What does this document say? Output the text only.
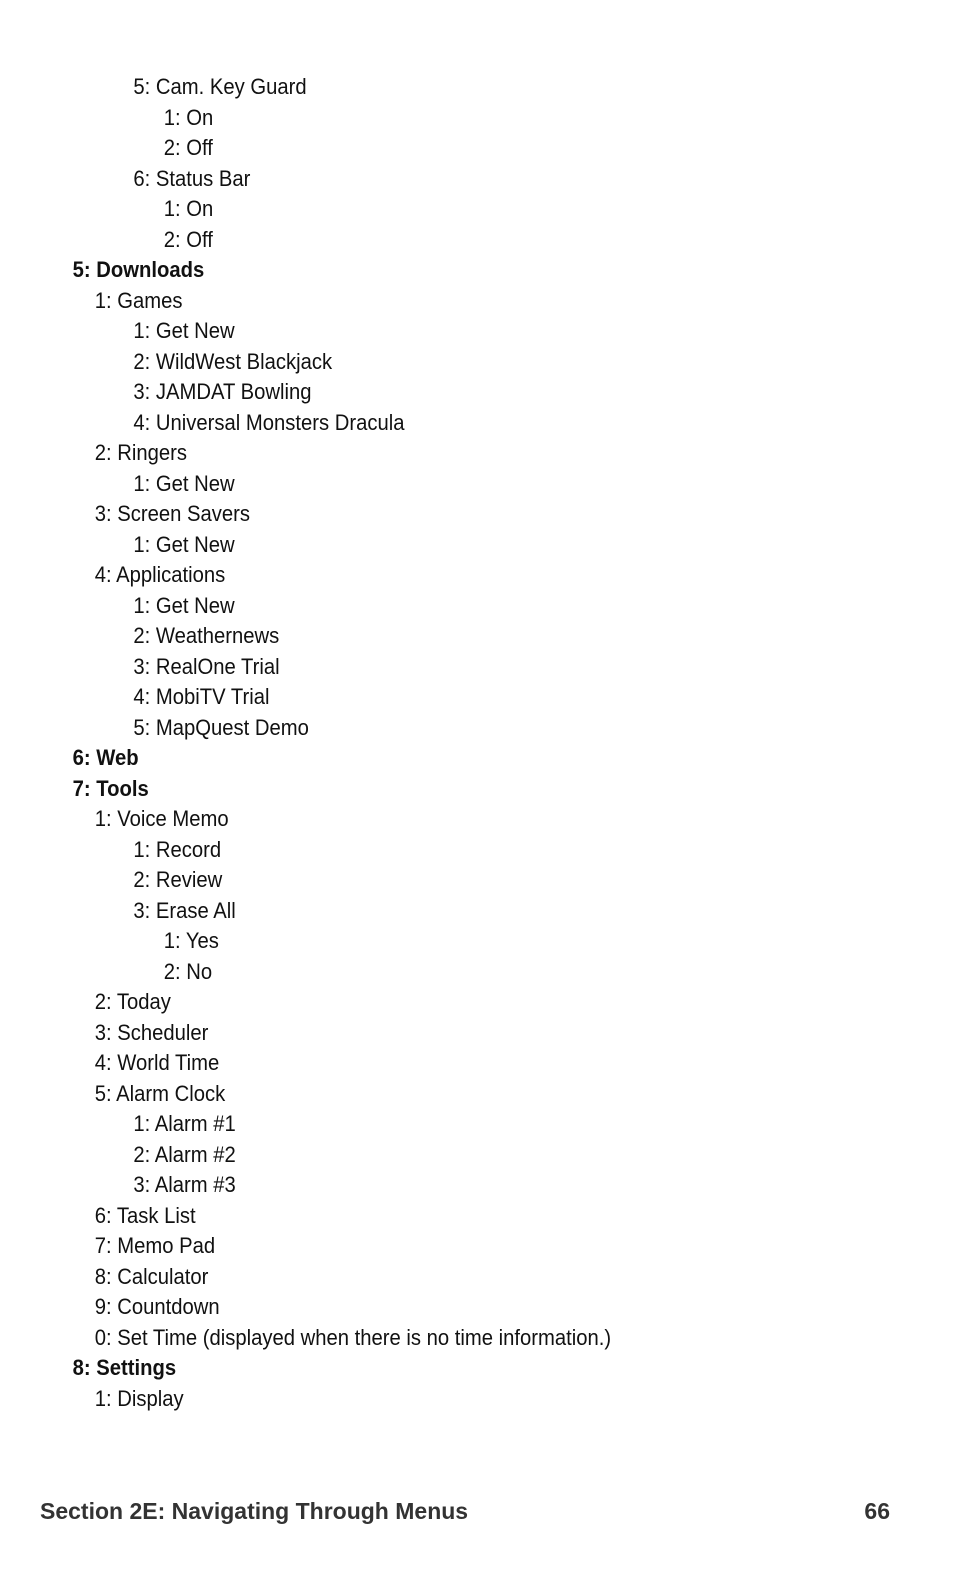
5: Cam. Key Guard
1: On
2: Off
6: Status Bar
1: On
2: Off
5: Downloads
1: Games
1: Get New
2: WildWest Blackjack
3: JAMDAT Bowling
4: Universal Monsters Dracula
2: Ringers
1: Get New
3: Screen Savers
1: Get New
4: Applications
1: Get New
2: Weathernews
3: RealOne Trial
4: MobiTV Trial
5: MapQuest Demo
6: Web
7: Tools
1: Voice Memo
1: Record
2: Review
3: Erase All
1: Yes
2: No
2: Today
3: Scheduler
4: World Time
5: Alarm Clock
1: Alarm #1
2: Alarm #2
3: Alarm #3
6: Task List
7: Memo Pad
8: Calculator
9: Countdown
0: Set Time (displayed when there is no time information.)
8: Settings
1: Display
Section 2E: Navigating Through Menus	66
